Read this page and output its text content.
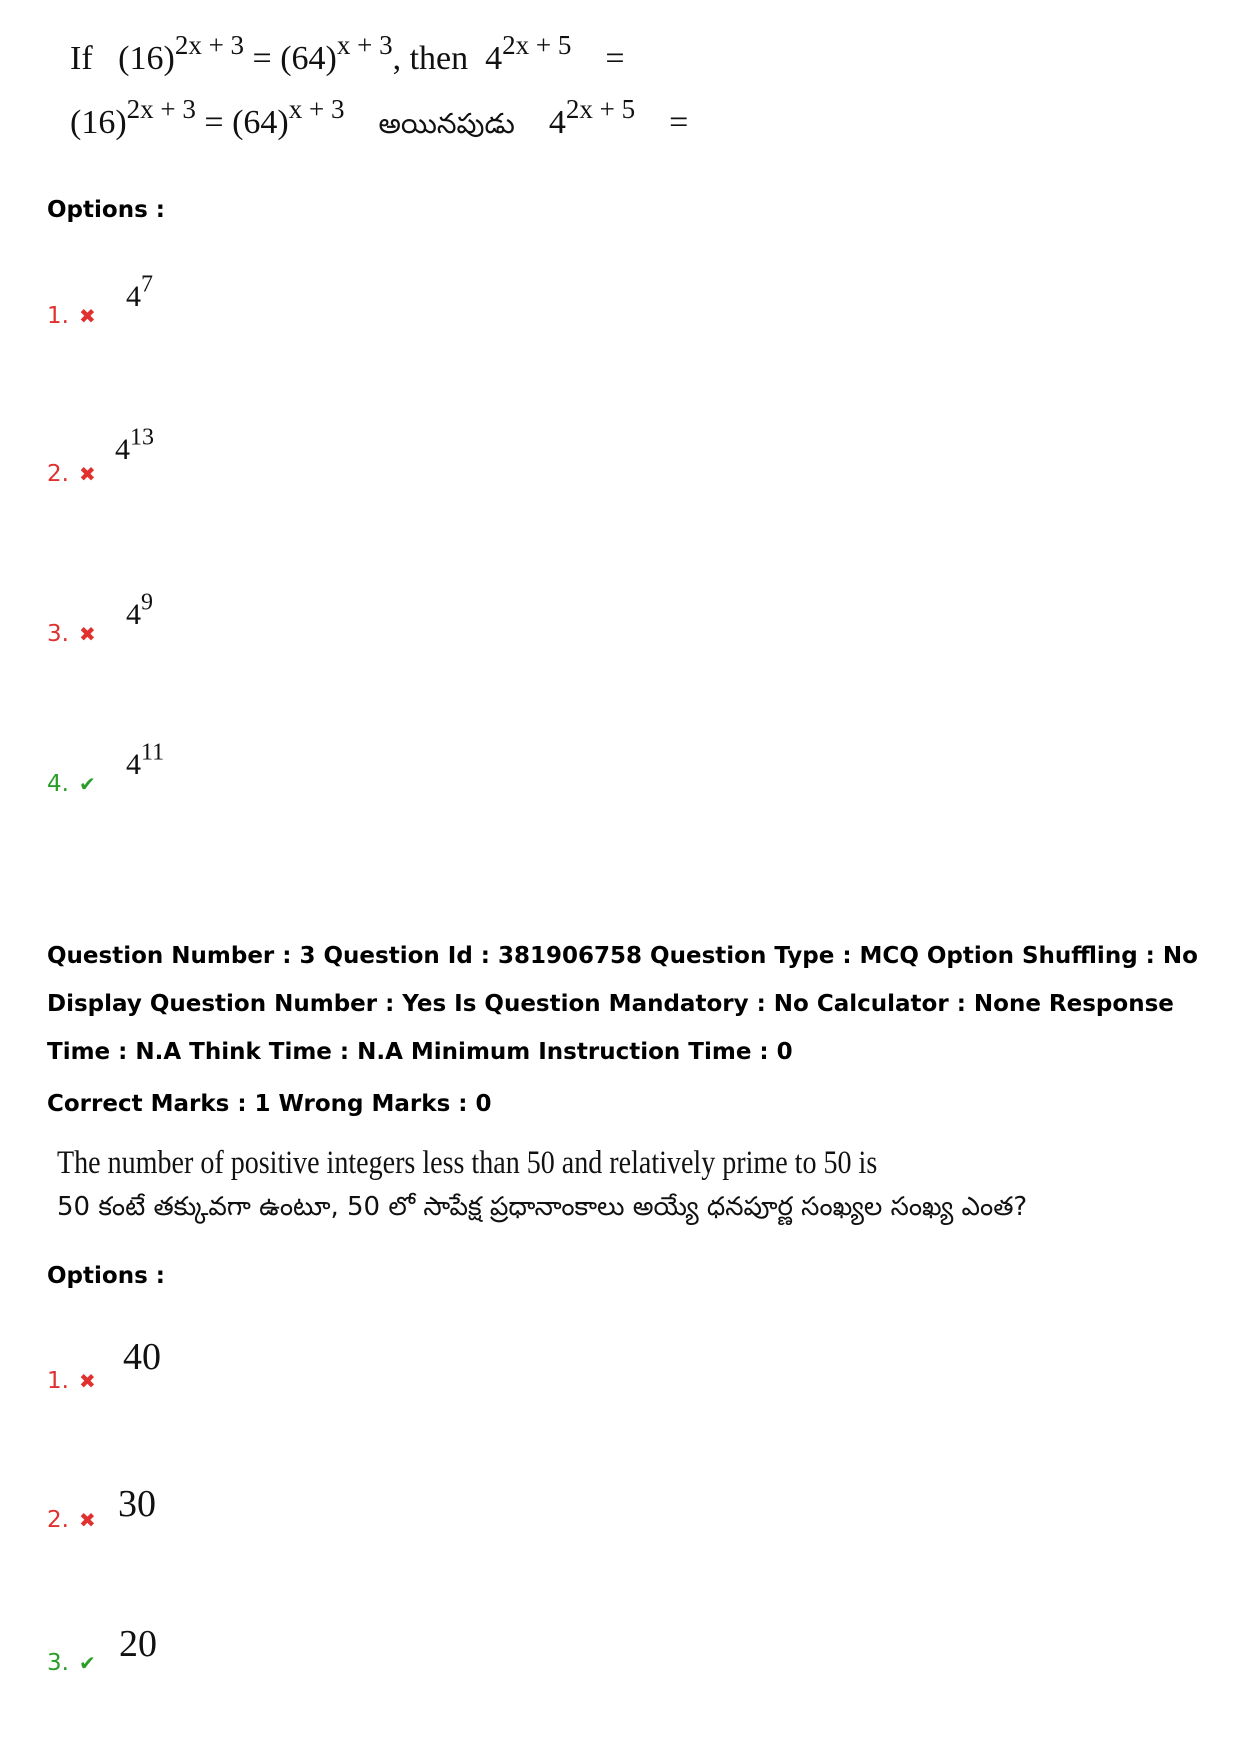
If $(16)^{2x + 3} = (64)^{x + 3}$, then $4^{2x + 5}$ =
$(16)^{2x + 3} = (64)^{x + 3}$ అయినపుడు $4^{2x + 5}$ =
Options :
1. ✖
$4^7$
2. ✖
$4^{13}$
3. ✖
$4^9$
4. ✔
$4^{11}$
Question Number : 3 Question Id : 381906758 Question Type : MCQ Option Shuffling : No Display Question Number : Yes Is Question Mandatory : No Calculator : None Response Time : N.A Think Time : N.A Minimum Instruction Time : 0
Correct Marks : 1 Wrong Marks : 0
The number of positive integers less than 50 and relatively prime to 50 is
50 కంటే తక్కువగా ఉంటూ, 50 లో సాపేక్ష ప్రధానాంకాలు అయ్యే ధనపూర్ణ సంఖ్యల సంఖ్య ఎంత?
Options :
1. ✖
40
2. ✖ 30
3. ✔ 20
